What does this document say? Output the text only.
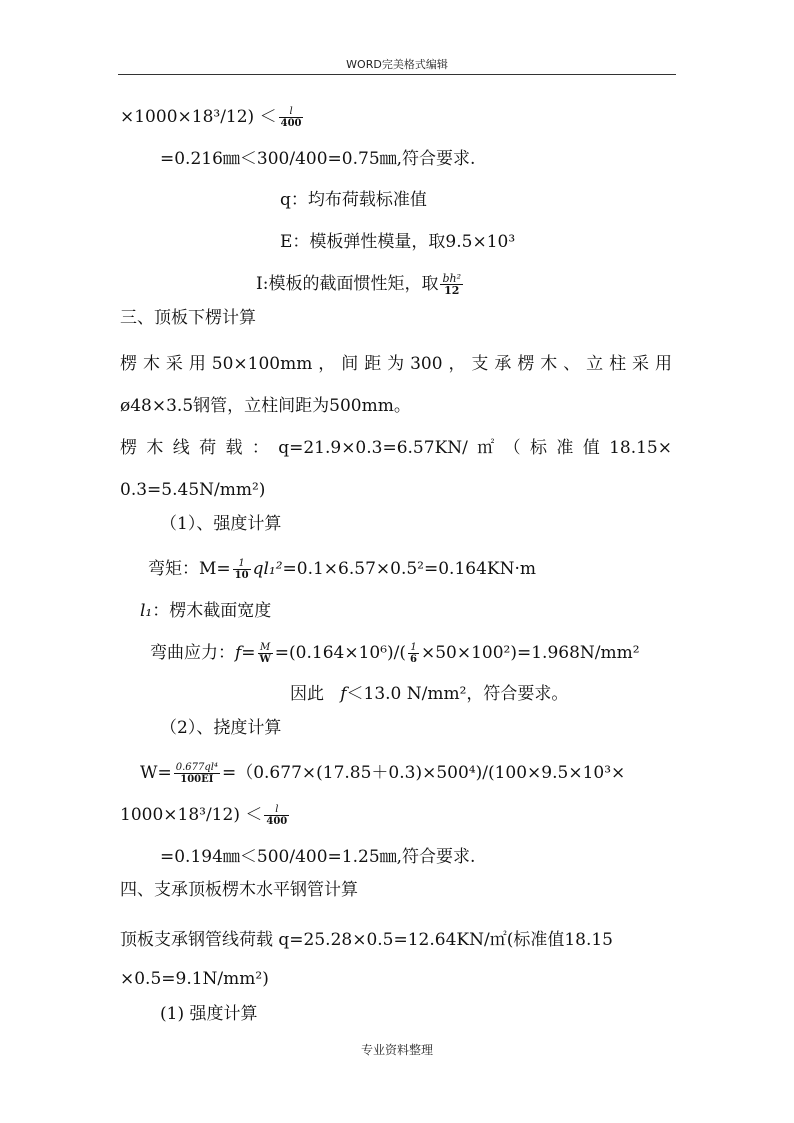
WORD完美格式编辑
$\times 1000\times 18^3/12) < \frac{l}{400}$
=0.216㎜＜300/400=0.75㎜,符合要求.
q：均布荷载标准值
E：模板弹性模量，取9.5×10³
I:模板的截面惯性矩，取 $\frac{\text{bh²}}{12}$
三、顶板下楞计算
楞木采用50×100mm，间距为300，支承楞木、立柱采用
ø48×3.5钢管，立柱间距为500mm。
楞木线荷载：q=21.9×0.3=6.57KN/㎡（标准值18.15×
0.3=5.45N/mm²)
（1）、强度计算
弯矩：$M= \frac{1}{10} ql_1^2=0.1\times 6.57\times 0.5^2=0.164KN\cdot m$
l₁：楞木截面宽度
弯曲应力：$f= \frac{M}{W} =(0.164\times 10^6)/( \frac{1}{6} \times 50\times 100^2)=1.968N/mm^2$
因此 f＜13.0 N/mm²，符合要求。
（2）、挠度计算
$W= \frac{\text{0.677ql⁴}}{100EI} =(0.677\times(17.85+0.3)\times 500^4)/(100\times 9.5\times 10^3\times$
$1000\times 18^3/12) < \frac{l}{400}$
=0.194㎜＜500/400=1.25㎜,符合要求.
四、支承顶板楞木水平钢管计算
顶板支承钢管线荷载 q=25.28×0.5=12.64KN/㎡(标准值18.15
×0.5=9.1N/mm²)
(1) 强度计算
专业资料整理
